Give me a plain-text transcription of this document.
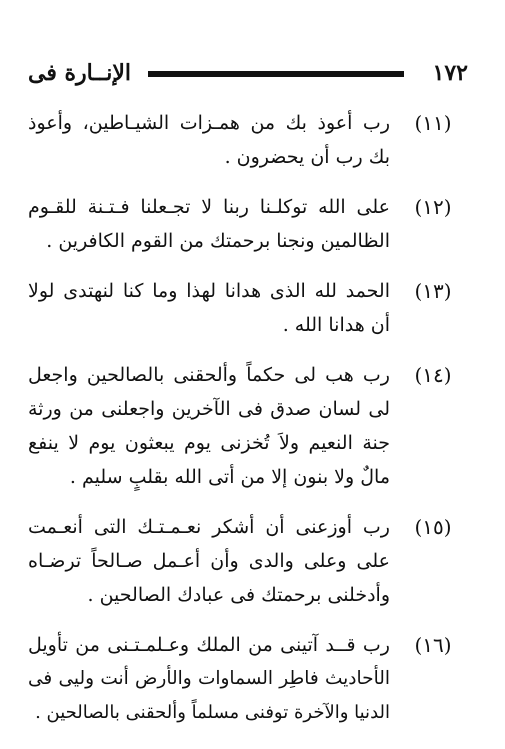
الإنــارة فى	١٧٢
(١١)
رب أعوذ بك من همـزات الشيـاطين، وأعوذ
بك رب أن يحضرون .
(١٢)
على الله توكلـنا ربنا لا تجـعلنا فـتـنة للقـوم
الظالمين ونجنا برحمتك من القوم الكافرين .
(١٣)
الحمد لله الذى هدانا لهذا وما كنا لنهتدى لولا
أن هدانا الله .
(١٤)
رب هب لى حكماً وألحقنى بالصالحين واجعل
لى لسان صدق فى الآخرين واجعلنى من ورثة
جنة النعيم ولاَ تُخزنى يوم يبعثون يوم لا ينفع
مالٌ ولا بنون إلا من أتى الله بقلبٍ سليم .
(١٥)
رب أوزعنى أن أشكر نعـمـتـك التى أنعـمت
على وعلى والدى وأن أعـمل صـالحاً ترضـاه
وأدخلنى برحمتك فى عبادك الصالحين .
(١٦)
رب قــد آتينى من الملك وعـلمـتـنى من تأويل
الأحاديث فاطِر السماوات والأرض أنت وليى فى
الدنيا والآخرة توفنى مسلماً وألحقنى بالصالحين .
